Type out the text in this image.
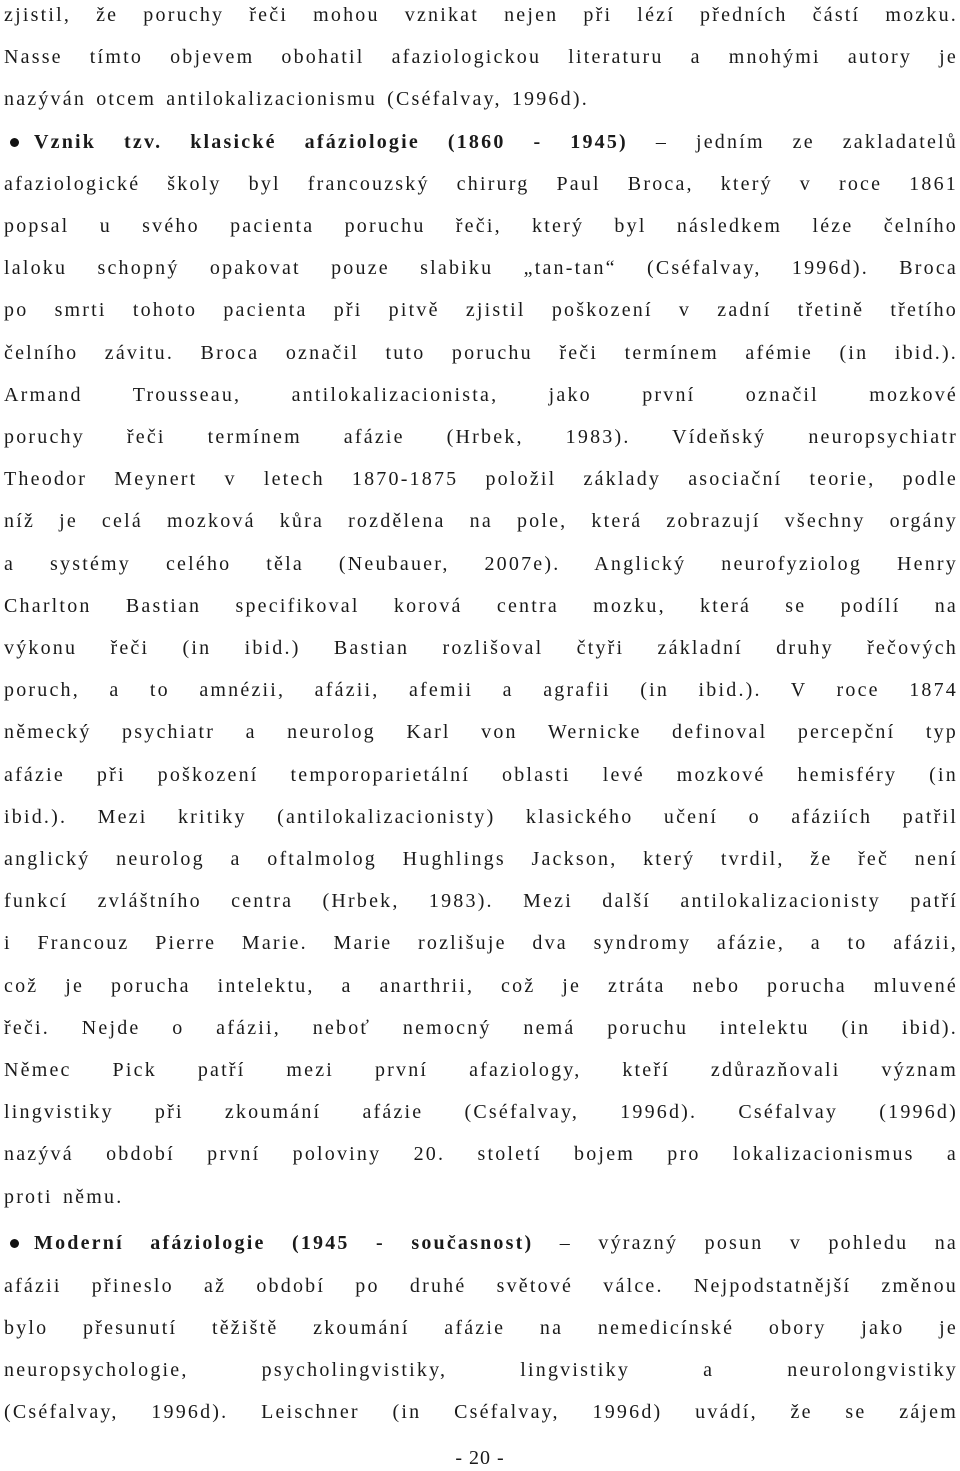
zjistil, že poruchy řeči mohou vznikat nejen při lézí předních částí mozku.
Nasse tímto objevem obohatil afaziologickou literaturu a mnohými autory je
nazýván otcem antilokalizacionismu (Cséfalvay, 1996d).
Vznik tzv. klasické afáziologie (1860 - 1945) – jedním ze zakladatelů
afaziologické školy byl francouzský chirurg Paul Broca, který v roce 1861
popsal u svého pacienta poruchu řeči, který byl následkem léze čelního
laloku schopný opakovat pouze slabiku „tan-tan“ (Cséfalvay, 1996d). Broca
po smrti tohoto pacienta při pitvě zjistil poškození v zadní třetině třetího
čelního závitu. Broca označil tuto poruchu řeči termínem afémie (in ibid.).
Armand Trousseau, antilokalizacionista, jako první označil mozkové
poruchy řeči termínem afázie (Hrbek, 1983). Vídeňský neuropsychiatr
Theodor Meynert v letech 1870-1875 položil základy asociační teorie, podle
níž je celá mozková kůra rozdělena na pole, která zobrazují všechny orgány
a systémy celého těla (Neubauer, 2007e). Anglický neurofyziolog Henry
Charlton Bastian specifikoval korová centra mozku, která se podílí na
výkonu řeči (in ibid.) Bastian rozlišoval čtyři základní druhy řečových
poruch, a to amnézii, afázii, afemii a agrafii (in ibid.). V roce 1874
německý psychiatr a neurolog Karl von Wernicke definoval percepční typ
afázie při poškození temporoparietální oblasti levé mozkové hemisféry (in
ibid.). Mezi kritiky (antilokalizacionisty) klasického učení o afáziích patřil
anglický neurolog a oftalmolog Hughlings Jackson, který tvrdil, že řeč není
funkcí zvláštního centra (Hrbek, 1983). Mezi další antilokalizacionisty patří
i Francouz Pierre Marie. Marie rozlišuje dva syndromy afázie, a to afázii,
což je porucha intelektu, a anarthrii, což je ztráta nebo porucha mluvené
řeči. Nejde o afázii, neboť nemocný nemá poruchu intelektu (in ibid).
Němec Pick patří mezi první afaziology, kteří zdůrazňovali význam
lingvistiky při zkoumání afázie (Cséfalvay, 1996d). Cséfalvay (1996d)
nazývá období první poloviny 20. století bojem pro lokalizacionismus a
proti němu.
Moderní afáziologie (1945 - současnost) – výrazný posun v pohledu na
afázii přineslo až období po druhé světové válce. Nejpodstatnější změnou
bylo přesunutí těžiště zkoumání afázie na nemedicínské obory jako je
neuropsychologie, psycholingvistiky, lingvistiky a neurolongvistiky
(Cséfalvay, 1996d). Leischner (in Cséfalvay, 1996d) uvádí, že se zájem
- 20 -
